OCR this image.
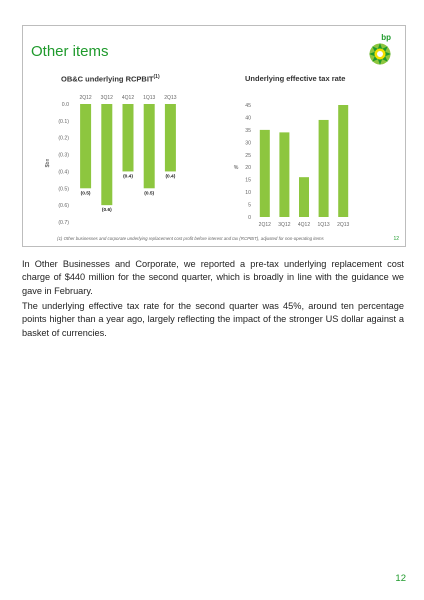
Other items
bp
OB&C underlying RCPBIT$^{(1)}$	Underlying effective tax rate
0.0
(0.1)
(0.2)
(0.3)
(0.4)
(0.5)
(0.6)
(0.7)
$bn
2Q12
(0.5)
3Q12
(0.6)
4Q12
(0.4)
1Q13
(0.5)
2Q13
(0.4)
0
5
10
15
20
25
30
35
40
45
%
2Q12 3Q12 4Q12 1Q13 2Q13
(1) Other businesses and corporate underlying replacement cost profit before interest and tax (RCPBIT), adjusted for non-operating items	12

In Other Businesses and Corporate, we reported a pre-tax underlying replacement cost charge of $440 million for the second quarter, which is broadly in line with the guidance we gave in February.

The underlying effective tax rate for the second quarter was 45%, around ten percentage points higher than a year ago, largely reflecting the impact of the stronger US dollar against a basket of currencies.

12
